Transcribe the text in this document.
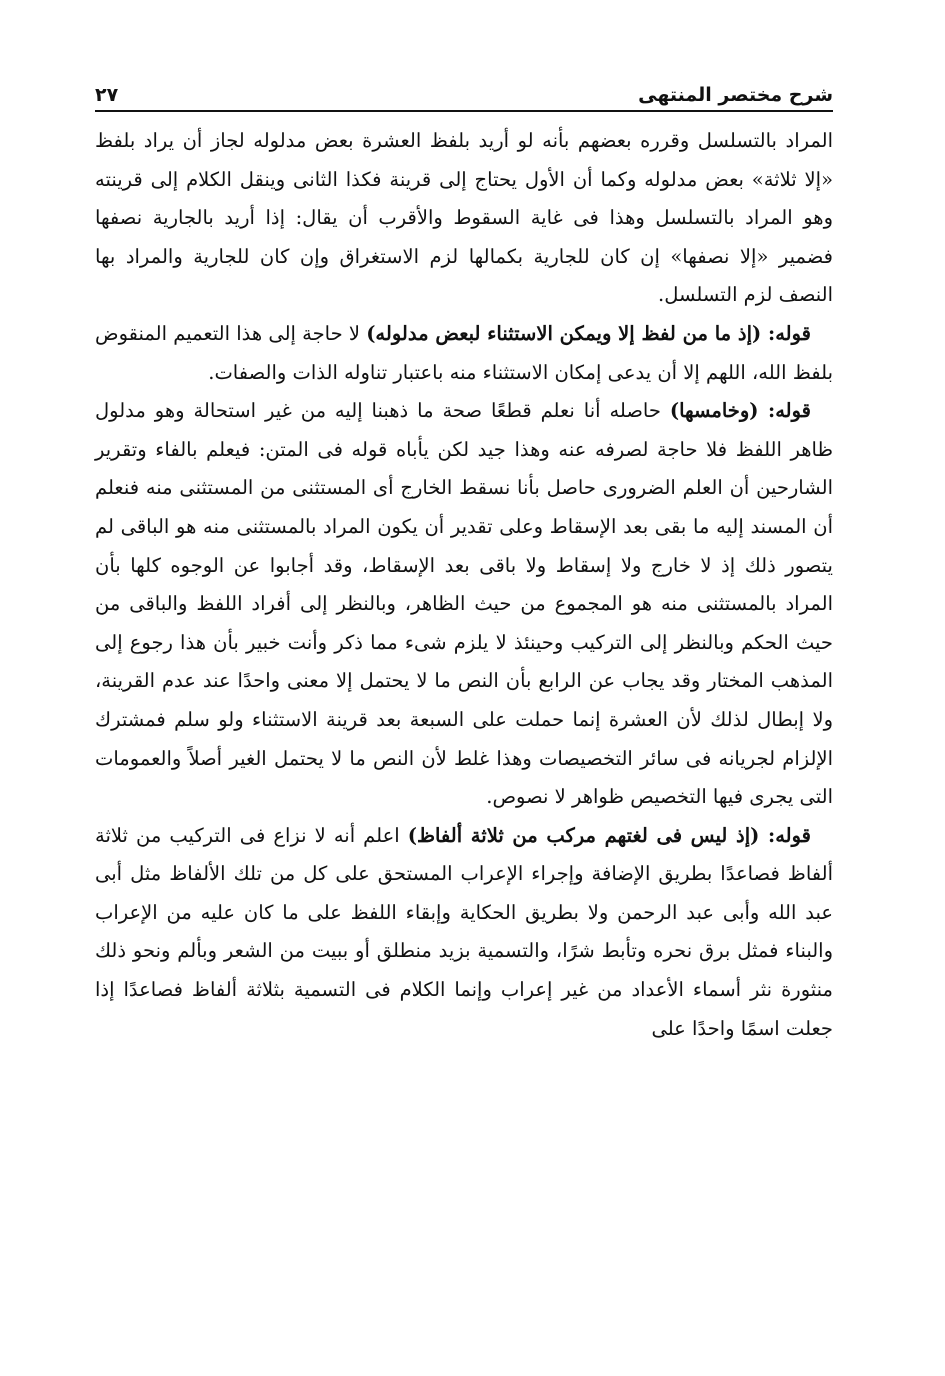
شرح مختصر المنتهى
٢٧

المراد بالتسلسل وقرره بعضهم بأنه لو أريد بلفظ العشرة بعض مدلوله لجاز أن يراد بلفظ «إلا ثلاثة» بعض مدلوله وكما أن الأول يحتاج إلى قرينة فكذا الثانى وينقل الكلام إلى قرينته وهو المراد بالتسلسل وهذا فى غاية السقوط والأقرب أن يقال: إذا أريد بالجارية نصفها فضمير «إلا نصفها» إن كان للجارية بكمالها لزم الاستغراق وإن كان للجارية والمراد بها النصف لزم التسلسل.

قوله: (إذ ما من لفظ إلا ويمكن الاستثناء لبعض مدلوله) لا حاجة إلى هذا التعميم المنقوض بلفظ الله، اللهم إلا أن يدعى إمكان الاستثناء منه باعتبار تناوله الذات والصفات.

قوله: (وخامسها) حاصله أنا نعلم قطعًا صحة ما ذهبنا إليه من غير استحالة وهو مدلول ظاهر اللفظ فلا حاجة لصرفه عنه وهذا جيد لكن يأباه قوله فى المتن: فيعلم بالفاء وتقرير الشارحين أن العلم الضرورى حاصل بأنا نسقط الخارج أى المستثنى من المستثنى منه فنعلم أن المسند إليه ما بقى بعد الإسقاط وعلى تقدير أن يكون المراد بالمستثنى منه هو الباقى لم يتصور ذلك إذ لا خارج ولا إسقاط ولا باقى بعد الإسقاط، وقد أجابوا عن الوجوه كلها بأن المراد بالمستثنى منه هو المجموع من حيث الظاهر، وبالنظر إلى أفراد اللفظ والباقى من حيث الحكم وبالنظر إلى التركيب وحينئذ لا يلزم شىء مما ذكر وأنت خبير بأن هذا رجوع إلى المذهب المختار وقد يجاب عن الرابع بأن النص ما لا يحتمل إلا معنى واحدًا عند عدم القرينة، ولا إبطال لذلك لأن العشرة إنما حملت على السبعة بعد قرينة الاستثناء ولو سلم فمشترك الإلزام لجريانه فى سائر التخصيصات وهذا غلط لأن النص ما لا يحتمل الغير أصلاً والعمومات التى يجرى فيها التخصيص ظواهر لا نصوص.

قوله: (إذ ليس فى لغتهم مركب من ثلاثة ألفاظ) اعلم أنه لا نزاع فى التركيب من ثلاثة ألفاظ فصاعدًا بطريق الإضافة وإجراء الإعراب المستحق على كل من تلك الألفاظ مثل أبى عبد الله وأبى عبد الرحمن ولا بطريق الحكاية وإبقاء اللفظ على ما كان عليه من الإعراب والبناء فمثل برق نحره وتأبط شرًا، والتسمية بزيد منطلق أو ببيت من الشعر وبألم ونحو ذلك منثورة نثر أسماء الأعداد من غير إعراب وإنما الكلام فى التسمية بثلاثة ألفاظ فصاعدًا إذا جعلت اسمًا واحدًا على
